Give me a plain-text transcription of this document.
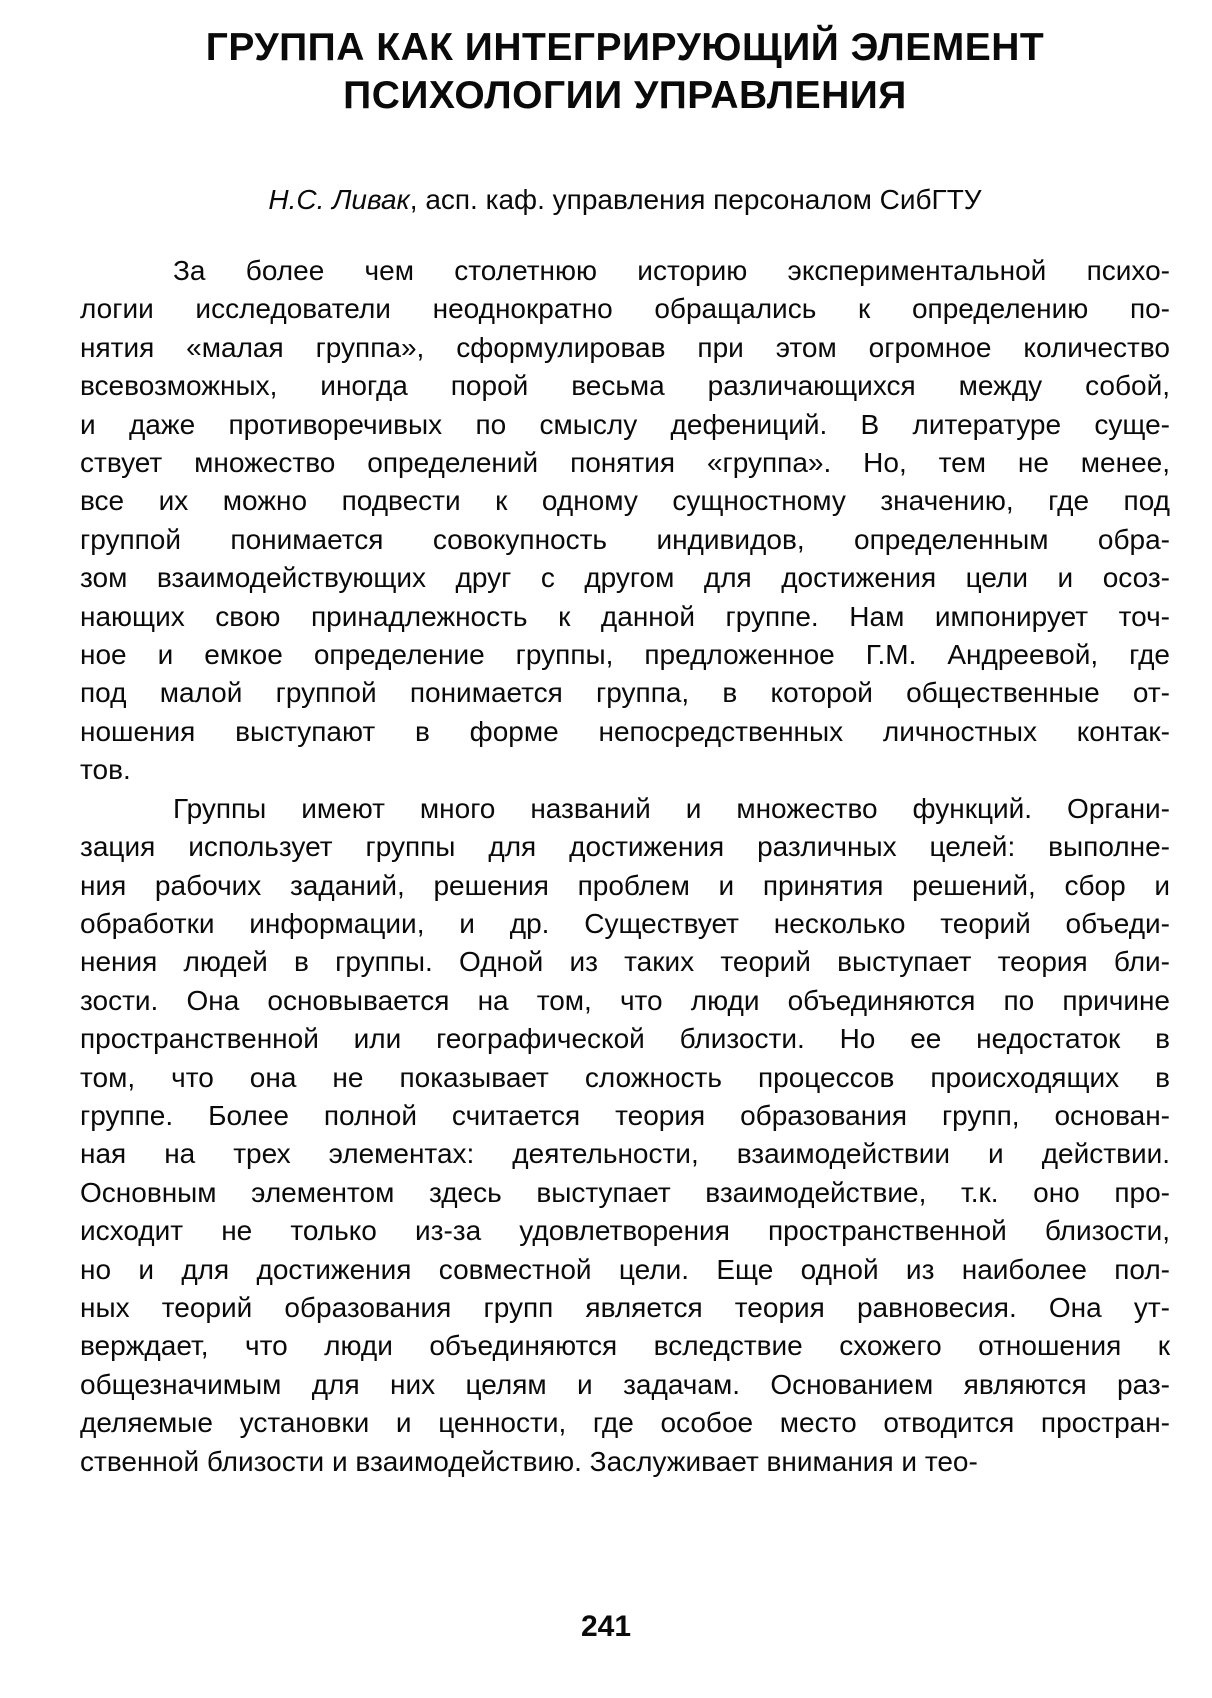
ГРУППА КАК ИНТЕГРИРУЮЩИЙ ЭЛЕМЕНТ
ПСИХОЛОГИИ УПРАВЛЕНИЯ
Н.С. Ливак, асп. каф. управления персоналом СибГТУ

За более чем столетнюю историю экспериментальной психо-
логии исследователи неоднократно обращались к определению по-
нятия «малая группа», сформулировав при этом огромное количество
всевозможных, иногда порой весьма различающихся между собой,
и даже противоречивых по смыслу дефениций. В литературе суще-
ствует множество определений понятия «группа». Но, тем не менее,
все их можно подвести к одному сущностному значению, где под
группой понимается совокупность индивидов, определенным обра-
зом взаимодействующих друг с другом для достижения цели и осоз-
нающих свою принадлежность к данной группе. Нам импонирует точ-
ное и емкое определение группы, предложенное Г.М. Андреевой, где
под малой группой понимается группа, в которой общественные от-
ношения выступают в форме непосредственных личностных контак-
тов.

Группы имеют много названий и множество функций. Органи-
зация использует группы для достижения различных целей: выполне-
ния рабочих заданий, решения проблем и принятия решений, сбор и
обработки информации, и др. Существует несколько теорий объеди-
нения людей в группы. Одной из таких теорий выступает теория бли-
зости. Она основывается на том, что люди объединяются по причине
пространственной или географической близости. Но ее недостаток в
том, что она не показывает сложность процессов происходящих в
группе. Более полной считается теория образования групп, основан-
ная на трех элементах: деятельности, взаимодействии и действии.
Основным элементом здесь выступает взаимодействие, т.к. оно про-
исходит не только из-за удовлетворения пространственной близости,
но и для достижения совместной цели. Еще одной из наиболее пол-
ных теорий образования групп является теория равновесия. Она ут-
верждает, что люди объединяются вследствие схожего отношения к
общезначимым для них целям и задачам. Основанием являются раз-
деляемые установки и ценности, где особое место отводится простран-
ственной близости и взаимодействию. Заслуживает внимания и тео-

241
